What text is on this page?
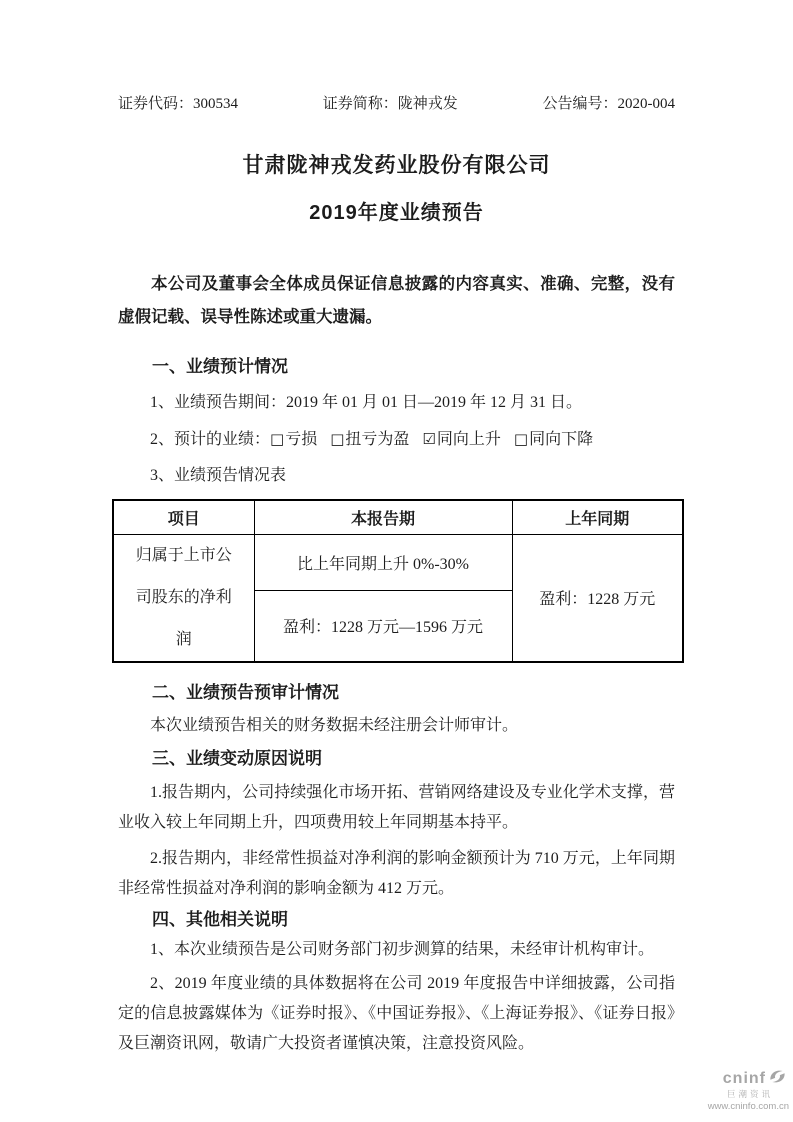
证券代码：300534	证券简称：陇神戎发	公告编号：2020-004
甘肃陇神戎发药业股份有限公司
2019年度业绩预告
本公司及董事会全体成员保证信息披露的内容真实、准确、完整，没有虚假记载、误导性陈述或重大遗漏。
一、业绩预计情况
1、业绩预告期间：2019 年 01 月 01 日—2019 年 12 月 31 日。
2、预计的业绩：□亏损 □扭亏为盈 ☑同向上升 □同向下降
3、业绩预告情况表
项目	本报告期	上年同期
归属于上市公司股东的净利润	比上年同期上升 0%-30%	盈利：1228 万元
	盈利：1228 万元—1596 万元	
二、业绩预告预审计情况
本次业绩预告相关的财务数据未经注册会计师审计。
三、业绩变动原因说明
1.报告期内，公司持续强化市场开拓、营销网络建设及专业化学术支撑，营业收入较上年同期上升，四项费用较上年同期基本持平。
2.报告期内，非经常性损益对净利润的影响金额预计为 710 万元，上年同期非经常性损益对净利润的影响金额为 412 万元。
四、其他相关说明
1、本次业绩预告是公司财务部门初步测算的结果，未经审计机构审计。
2、2019 年度业绩的具体数据将在公司 2019 年度报告中详细披露，公司指定的信息披露媒体为《证券时报》、《中国证券报》、《上海证券报》、《证券日报》及巨潮资讯网，敬请广大投资者谨慎决策，注意投资风险。
cninf
巨潮资讯
www.cninfo.com.cn
